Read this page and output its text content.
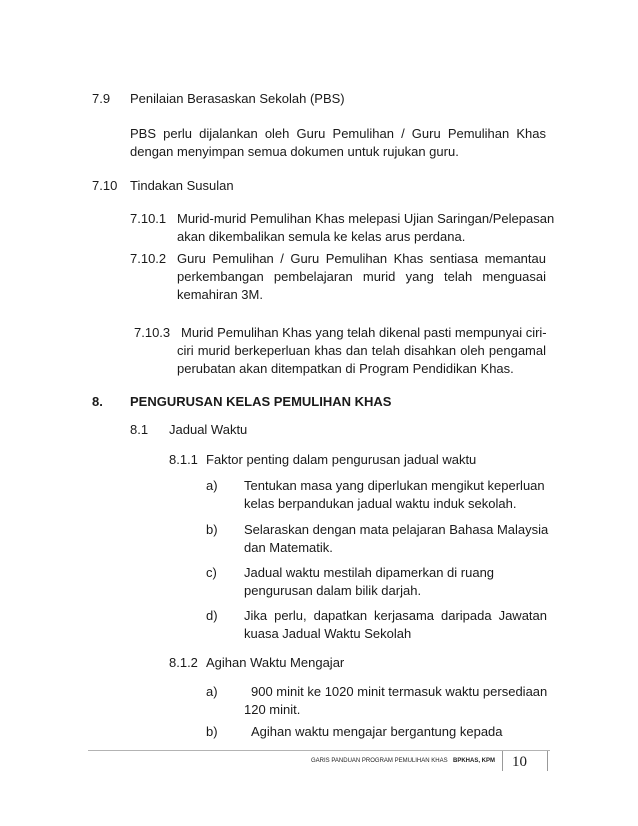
7.9 Penilaian Berasaskan Sekolah (PBS)
PBS perlu dijalankan oleh Guru Pemulihan / Guru Pemulihan Khas
dengan menyimpan semua dokumen untuk rujukan guru.
7.10 Tindakan Susulan
7.10.1 Murid-murid Pemulihan Khas melepasi Ujian Saringan/Pelepasan
akan dikembalikan semula ke kelas arus perdana.
7.10.2 Guru Pemulihan / Guru Pemulihan Khas sentiasa memantau
perkembangan pembelajaran murid yang telah menguasai
kemahiran 3M.
7.10.3 Murid Pemulihan Khas yang telah dikenal pasti mempunyai ciri-
ciri murid berkeperluan khas dan telah disahkan oleh pengamal
perubatan akan ditempatkan di Program Pendidikan Khas.
8. PENGURUSAN KELAS PEMULIHAN KHAS
8.1 Jadual Waktu
8.1.1 Faktor penting dalam pengurusan jadual waktu
a) Tentukan masa yang diperlukan mengikut keperluan
kelas berpandukan jadual waktu induk sekolah.
b) Selaraskan dengan mata pelajaran Bahasa Malaysia
dan Matematik.
c) Jadual waktu mestilah dipamerkan di ruang
pengurusan dalam bilik darjah.
d) Jika perlu, dapatkan kerjasama daripada Jawatan
kuasa Jadual Waktu Sekolah
8.1.2 Agihan Waktu Mengajar
a)	900 minit ke 1020 minit termasuk waktu persediaan
120 minit.
b)	Agihan waktu mengajar bergantung kepada
GARIS PANDUAN PROGRAM PEMULIHAN KHAS BPKHAS, KPM 10
